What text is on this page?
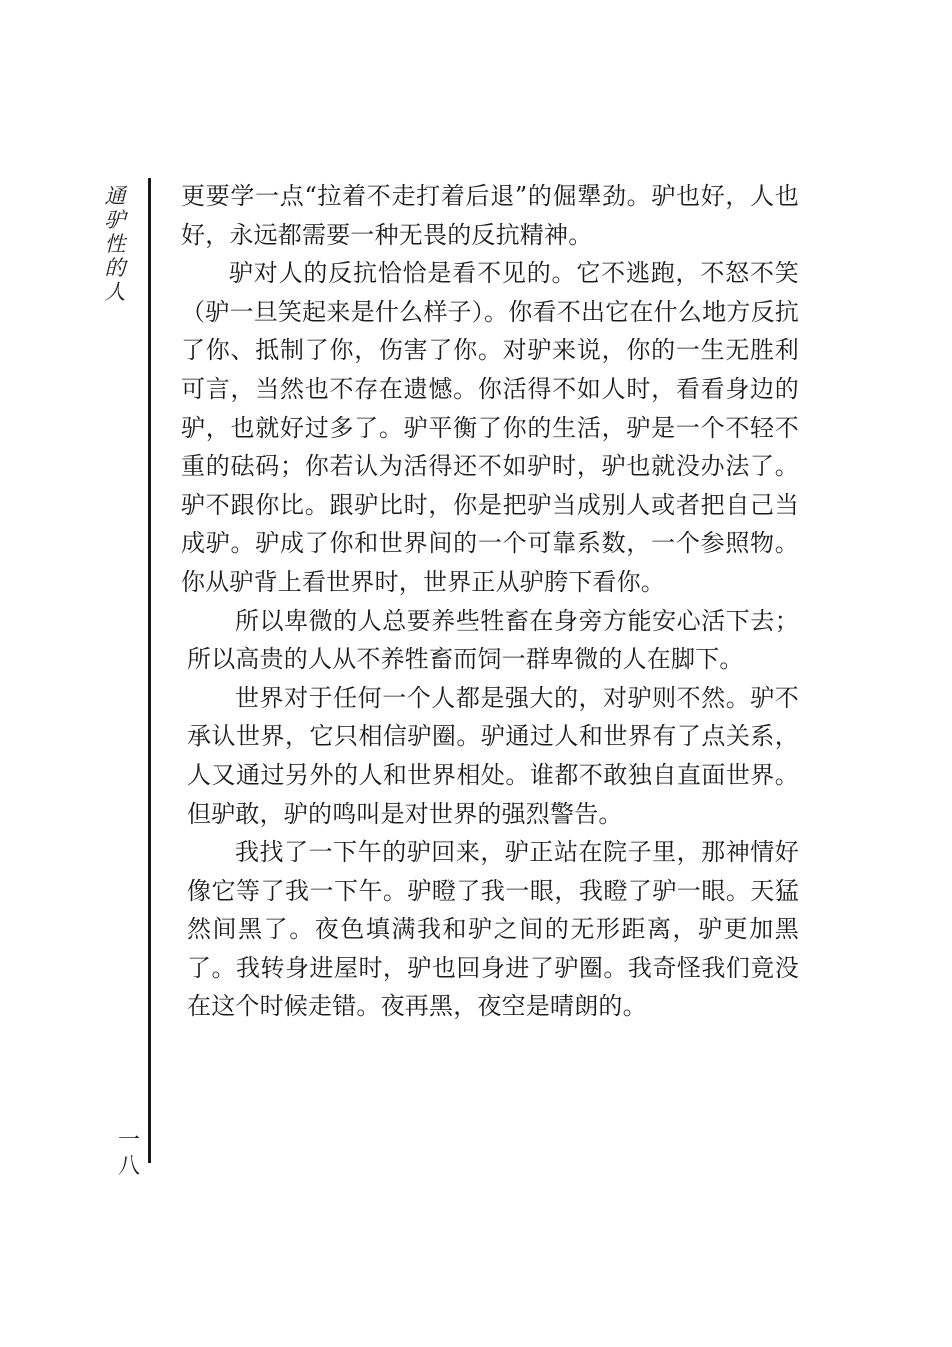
通驴性的人
一八

更要学一点“拉着不走打着后退”的倔犟劲。驴也好，人也好，永远都需要一种无畏的反抗精神。

驴对人的反抗恰恰是看不见的。它不逃跑，不怒不笑（驴一旦笑起来是什么样子）。你看不出它在什么地方反抗了你、抵制了你，伤害了你。对驴来说，你的一生无胜利可言，当然也不存在遗憾。你活得不如人时，看看身边的驴，也就好过多了。驴平衡了你的生活，驴是一个不轻不重的砝码；你若认为活得还不如驴时，驴也就没办法了。驴不跟你比。跟驴比时，你是把驴当成别人或者把自己当成驴。驴成了你和世界间的一个可靠系数，一个参照物。你从驴背上看世界时，世界正从驴胯下看你。

所以卑微的人总要养些牲畜在身旁方能安心活下去；所以高贵的人从不养牲畜而饲一群卑微的人在脚下。

世界对于任何一个人都是强大的，对驴则不然。驴不承认世界，它只相信驴圈。驴通过人和世界有了点关系，人又通过另外的人和世界相处。谁都不敢独自直面世界。但驴敢，驴的鸣叫是对世界的强烈警告。

我找了一下午的驴回来，驴正站在院子里，那神情好像它等了我一下午。驴瞪了我一眼，我瞪了驴一眼。天猛然间黑了。夜色填满我和驴之间的无形距离，驴更加黑了。我转身进屋时，驴也回身进了驴圈。我奇怪我们竟没在这个时候走错。夜再黑，夜空是晴朗的。
